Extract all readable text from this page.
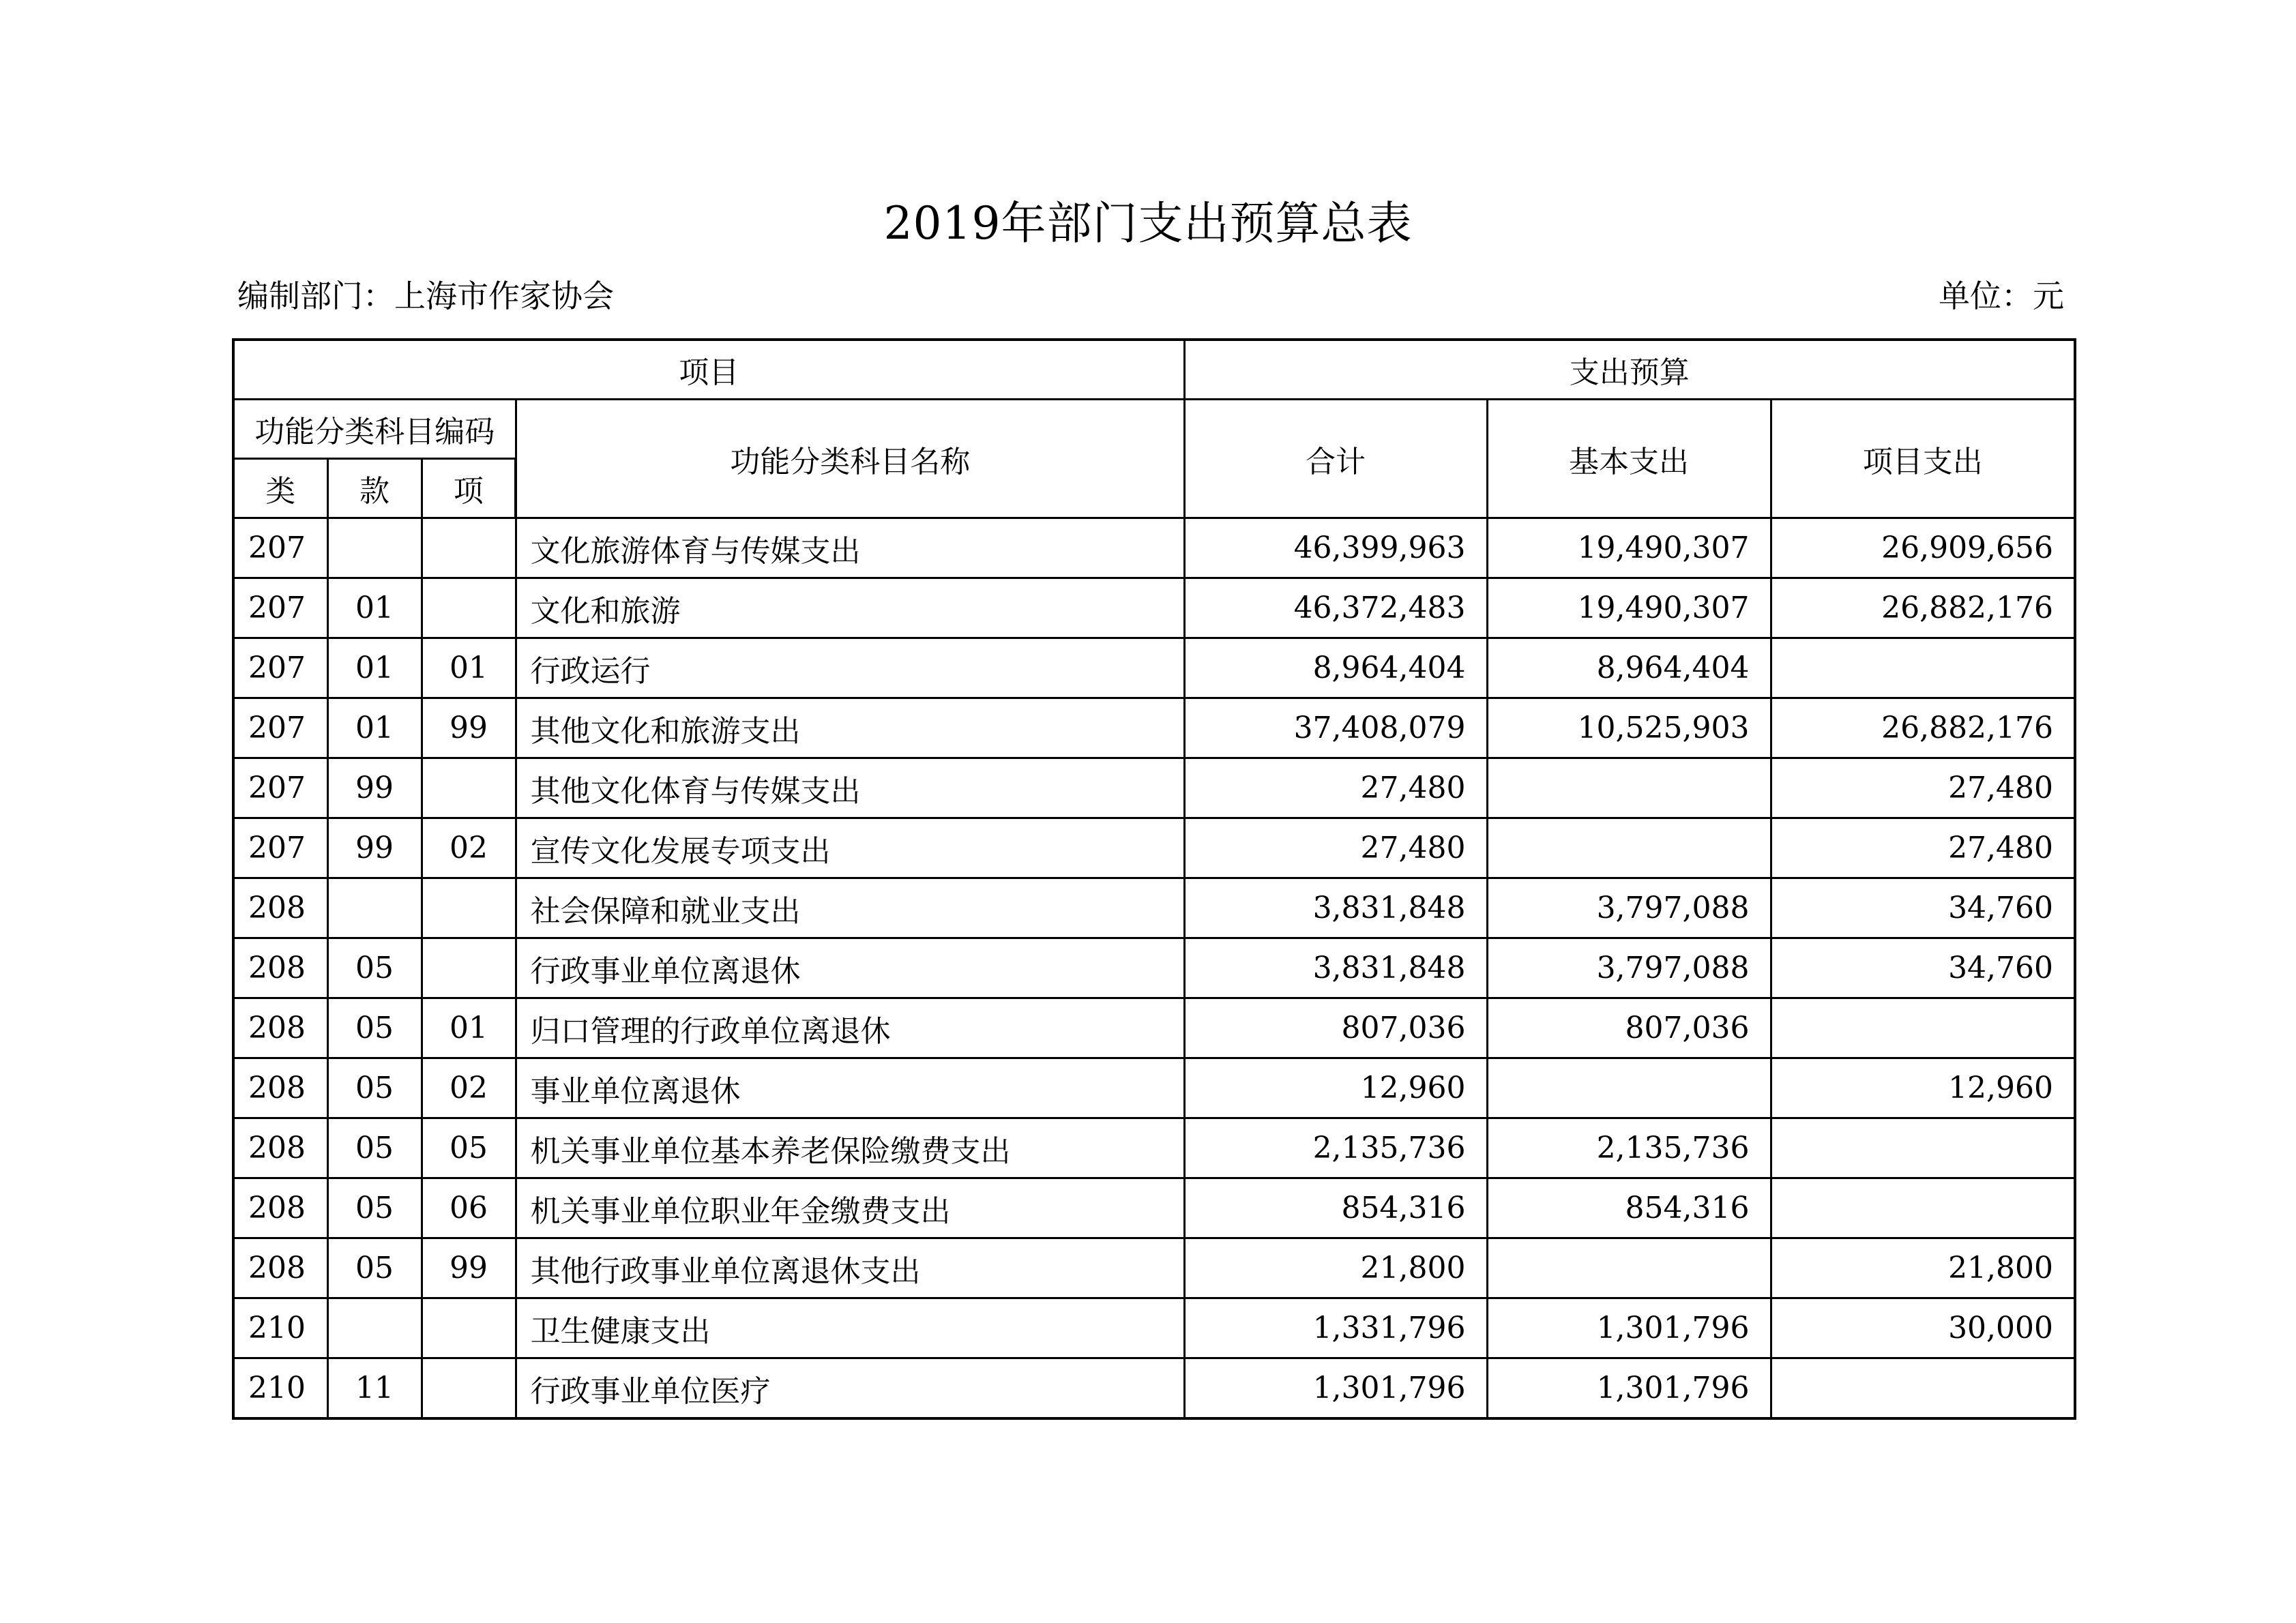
2019年部门支出预算总表
编制部门：上海市作家协会	单位：元
项目				支出预算		
功能分类科目编码			功能分类科目名称	合计	基本支出	项目支出
类	款	项				
207			文化旅游体育与传媒支出	46,399,963	19,490,307	26,909,656
207	01		文化和旅游	46,372,483	19,490,307	26,882,176
207	01	01	行政运行	8,964,404	8,964,404	
207	01	99	其他文化和旅游支出	37,408,079	10,525,903	26,882,176
207	99		其他文化体育与传媒支出	27,480		27,480
207	99	02	宣传文化发展专项支出	27,480		27,480
208			社会保障和就业支出	3,831,848	3,797,088	34,760
208	05		行政事业单位离退休	3,831,848	3,797,088	34,760
208	05	01	归口管理的行政单位离退休	807,036	807,036	
208	05	02	事业单位离退休	12,960		12,960
208	05	05	机关事业单位基本养老保险缴费支出	2,135,736	2,135,736	
208	05	06	机关事业单位职业年金缴费支出	854,316	854,316	
208	05	99	其他行政事业单位离退休支出	21,800		21,800
210			卫生健康支出	1,331,796	1,301,796	30,000
210	11		行政事业单位医疗	1,301,796	1,301,796	
